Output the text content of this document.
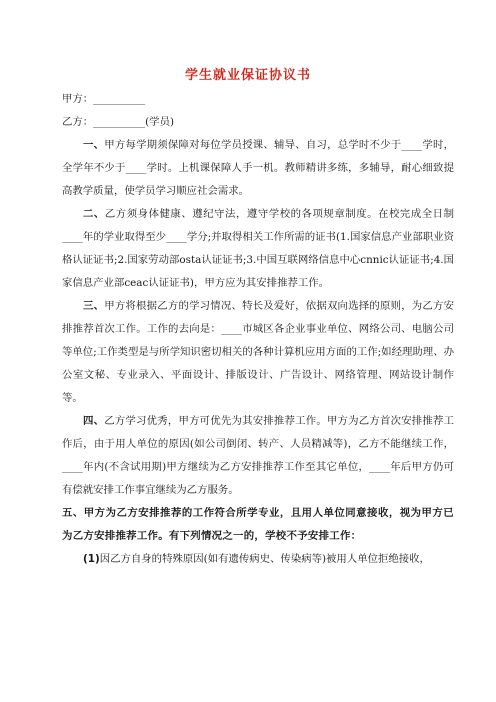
学生就业保证协议书

甲方：__________

乙方：__________(学员)

一、甲方每学期须保障对每位学员授课、辅导、自习，总学时不少于____学时，全学年不少于____学时。上机课保障人手一机。教师精讲多练，多辅导，耐心细致提高教学质量，使学员学习顺应社会需求。

二、乙方须身体健康、遵纪守法，遵守学校的各项规章制度。在校完成全日制____年的学业取得至少____学分;并取得相关工作所需的证书(1.国家信息产业部职业资格认证证书;2.国家劳动部osta认证证书;3.中国互联网络信息中心cnnic认证证书;4.国家信息产业部ceac认证证书)，甲方应为其安排推荐工作。

三、甲方将根据乙方的学习情况、特长及爱好，依据双向选择的原则，为乙方安排推荐首次工作。工作的去向是：____市城区各企业事业单位、网络公司、电脑公司等单位;工作类型是与所学知识密切相关的各种计算机应用方面的工作;如经理助理、办公室文秘、专业录入、平面设计、排版设计、广告设计、网络管理、网站设计制作等。

四、乙方学习优秀，甲方可优先为其安排推荐工作。甲方为乙方首次安排推荐工作后，由于用人单位的原因(如公司倒闭、转产、人员精减等)，乙方不能继续工作，____年内(不含试用期)甲方继续为乙方安排推荐工作至其它单位，____年后甲方仍可有偿就安排工作事宜继续为乙方服务。

五、甲方为乙方安排推荐的工作符合所学专业，且用人单位同意接收，视为甲方已为乙方安排推荐工作。有下列情况之一的，学校不予安排工作：

(1)因乙方自身的特殊原因(如有遗传病史、传染病等)被用人单位拒绝接收，
